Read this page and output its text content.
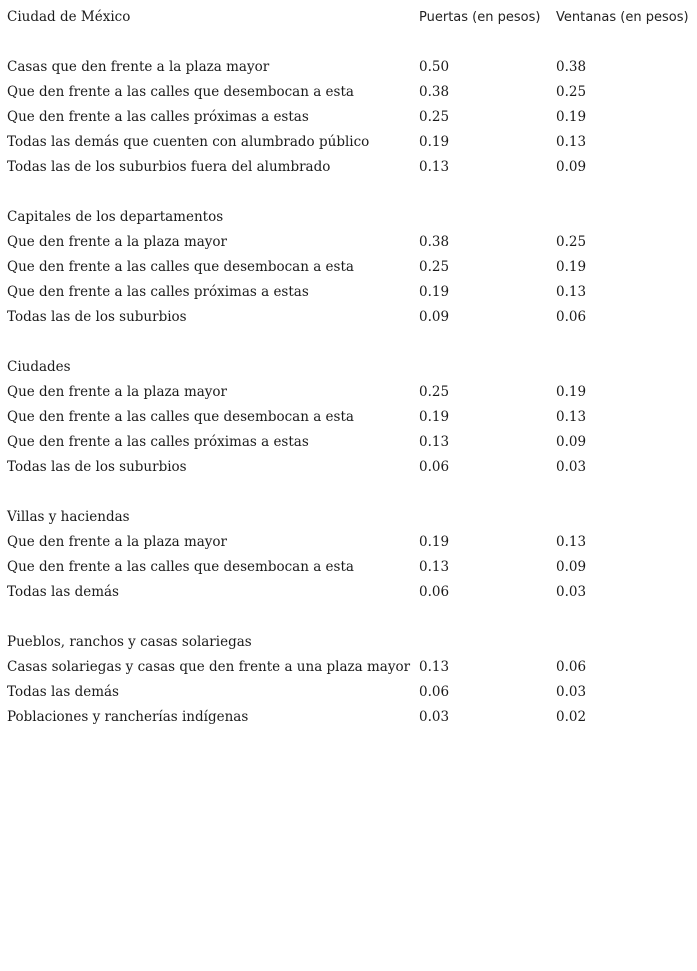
Ciudad de México	Puertas (en pesos) Ventanas (en pesos)
Casas que den frente a la plaza mayor	0.50	0.38
Que den frente a las calles que desembocan a esta	0.38	0.25
Que den frente a las calles próximas a estas	0.25	0.19
Todas las demás que cuenten con alumbrado público	0.19	0.13
Todas las de los suburbios fuera del alumbrado	0.13	0.09
Capitales de los departamentos
Que den frente a la plaza mayor	0.38	0.25
Que den frente a las calles que desembocan a esta	0.25	0.19
Que den frente a las calles próximas a estas	0.19	0.13
Todas las de los suburbios	0.09	0.06
Ciudades
Que den frente a la plaza mayor	0.25	0.19
Que den frente a las calles que desembocan a esta	0.19	0.13
Que den frente a las calles próximas a estas	0.13	0.09
Todas las de los suburbios	0.06	0.03
Villas y haciendas
Que den frente a la plaza mayor	0.19	0.13
Que den frente a las calles que desembocan a esta	0.13	0.09
Todas las demás	0.06	0.03
Pueblos, ranchos y casas solariegas
Casas solariegas y casas que den frente a una plaza mayor 0.13	0.06
Todas las demás	0.06	0.03
Poblaciones y rancherías indígenas	0.03	0.02
